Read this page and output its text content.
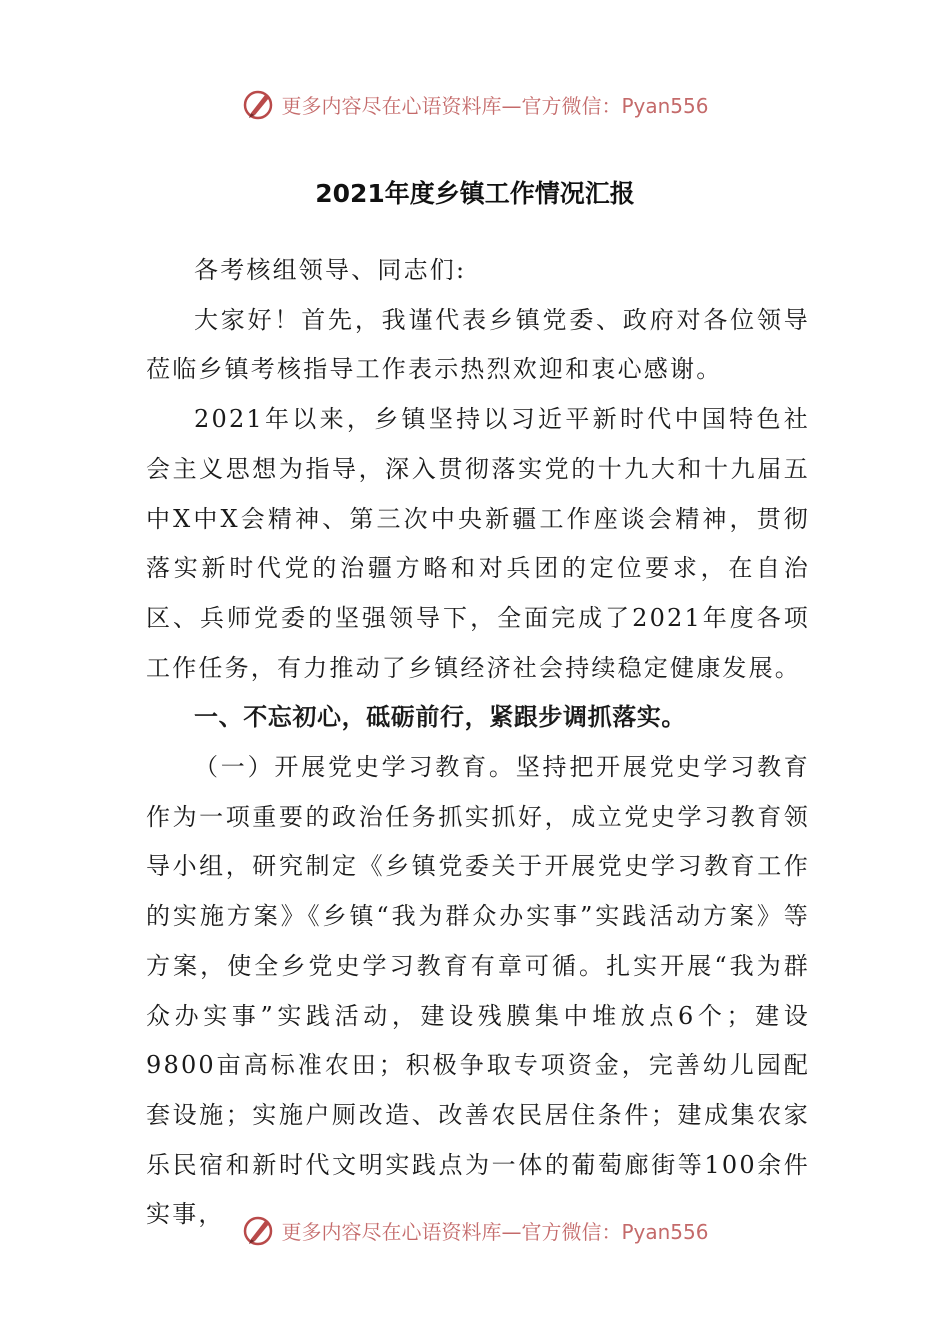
更多内容尽在心语资料库—官方微信：Pyan556
2021年度乡镇工作情况汇报

各考核组领导、同志们:

大家好！首先，我谨代表乡镇党委、政府对各位领导莅临乡镇考核指导工作表示热烈欢迎和衷心感谢。

2021年以来，乡镇坚持以习近平新时代中国特色社会主义思想为指导，深入贯彻落实党的十九大和十九届五中X中X会精神、第三次中央新疆工作座谈会精神，贯彻落实新时代党的治疆方略和对兵团的定位要求，在自治区、兵师党委的坚强领导下，全面完成了2021年度各项工作任务，有力推动了乡镇经济社会持续稳定健康发展。

一、不忘初心，砥砺前行，紧跟步调抓落实。

（一）开展党史学习教育。坚持把开展党史学习教育作为一项重要的政治任务抓实抓好，成立党史学习教育领导小组，研究制定《乡镇党委关于开展党史学习教育工作的实施方案》《乡镇“我为群众办实事”实践活动方案》等方案，使全乡党史学习教育有章可循。扎实开展“我为群众办实事”实践活动，建设残膜集中堆放点6个；建设9800亩高标准农田；积极争取专项资金，完善幼儿园配套设施；实施户厕改造、改善农民居住条件；建成集农家乐民宿和新时代文明实践点为一体的葡萄廊街等100余件实事，

更多内容尽在心语资料库—官方微信：Pyan556
